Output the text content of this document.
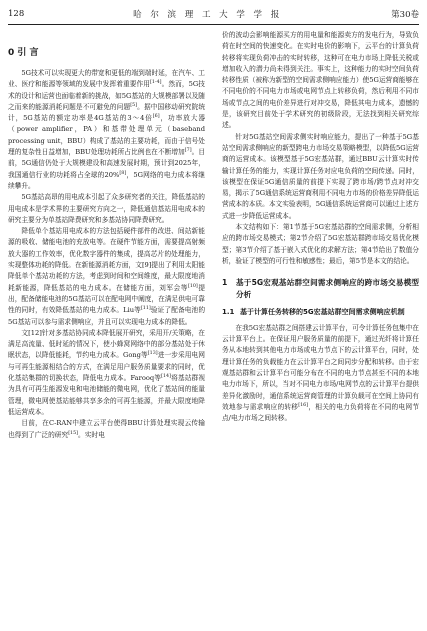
128	哈 尔 滨 理 工 大 学 学 报	第30卷
0 引 言

5G技术可以实现更大的带宽和更低的端到端时延，在汽车、工业、医疗和能源等领域的发展中发挥着重要作用[1-4]。然而，5G技术的设计和运营也面临着新的挑战，如5G基站的大规模部署以及随之而来的能源消耗问题是不可避免的问题[5]。据中国移动研究院统计，5G基站的额定功率是4G基站的3～4倍[6]，功率放大器（power amplifier，PA）和基带处理单元（baseband processing unit，BBU）构成了基站的主要功耗，而由于信号处理的复杂性日益增加，BBU处理功耗所占比例也在不断增加[7]。目前，5G通信仍处于大规模建设和高速发展时期，预计到2025年，我国通信行业的功耗将占全球的20%[8]，5G网络的电力成本将继续攀升。

5G基站高昂的用电成本引起了众多研究者的关注，降低基站的用电成本是学术界的主要研究方向之一，降低通信基站用电成本的研究主要分为单基站降费研究和多基站协同降费研究。

降低单个基站用电成本的方法包括硬件部件的改进、间站新能源的吸收、储能电池的充放电等。在硬件节能方面，需要提高射频放大器的工作效率，优化数字器件的集成，提高芯片的处理能力，实现整体功耗的降低。在新能源消耗方面，文[9]提出了利用太阳能降低单个基站功耗的方法，考虑到时间和空间维度，最大限度地消耗新能源，降低基站的电力成本。在储能方面，刘军会等[10]提出，配备储能电池的5G基站可以在配电网中阐度，在满足供电可靠性的同时，有效降低基站的电力成本。Liu等[11]验证了配备电池的5G基站可以参与需求侧响应，并且可以实现电力成本的降低。

文[12]针对多基站协同成本降低展开研究，采用开/关策略，在满足高流量、低时延的情况下，使小蜂窝网络中的部分基站处于休眠状态，以降低能耗，节约电力成本。Gong等[13]进一步采用电网与可再生能源相结合的方式，在满足用户服务质量要求的同时，优化基站集群的切换状态，降低电力成本。Farooq等[14]将基站群视为具有可再生能源发电和电池储能的微电网，优化了基站间的能量管理，微电网使基站能够共享多余的可再生能源，并最大限度地降低运营成本。

目前，在C-RAN中建立云平台使得BBU计算处理实现云传输也得到了广泛的研究[15]。实时电

价的波动会影响能源买方的用电量和能源卖方的发电行为，导致负荷在时空间的快速变化。在实时电价的影响下，云平台的计算负荷转移将实现负荷冲击的实时转移，这种可在电力市场上降低关税或增加收入的潜力尚未得到关注。事实上，这种能力的实时空间负荷转移性质（被称为新型的空间需求侧响应能力）使5G运营商能够在不同电价的不同电力市场或电网节点上转移负荷，然后利用不同市场或节点之间的电价差异进行对冲交易，降低其电力成本，遗憾的是，该研究目前处于学术研究的初级阶段，无法找到相关研究综述。

针对5G基站空间需求侧实时响应能力，提出了一种基于5G基站空间需求侧响应的新型跨电力市场交易策略模型，以降低5G运营商的运营成本。该模型基于5G宏基站群，通过BBU云计算实时传输计算任务的能力，实现计算任务对应电负荷的空间传递。同时，该模型在保证5G通信质量的前提下实现了跨市场/跨节点对冲交易，揭示了5G通信系统运营商利用不同电力市场的价格差异降低运营成本的本质。本文实验表明，5G通信系统运营商可以通过上述方式进一步降低运营成本。

本文结构如下：第1节基于5G宏基站群的空间需求侧，分析相应的跨市场交易模式；第2节介绍了5G宏基站群跨市场交易优化模型；第3节介绍了基于嵌入式优化的求解方法；第4节给出了数值分析，验证了模型的可行性和敏感性；最后，第5节是本文的结论。

1	基于5G宏观基站群空间需求侧响应的跨市场交易模型分析
1.1 基于计算任务转移的5G宏基站群空间需求侧响应机制

在我5G宏基站群之间搭建云计算平台，可令计算任务包集中在云计算平台上。在保证用户服务质量的前提下，通过光纤将计算任务从本地转到其他电力市场或电力节点下的云计算平台，同时，处理计算任务的负载能力在云计算平台之间同步分配和转移。由于宏观基站群和云计算平台可能分布在不同的电力节点甚至不同的本地电力市场下，所以，当对不同电力市场/电网节点的云计算平台提供差异化激励时，通信系统运营商管理的计算负载可在空间上协同有效地参与需求响应的转移[16]，相关的电力负荷将在不同的电网节点/电力市场之间转移。
